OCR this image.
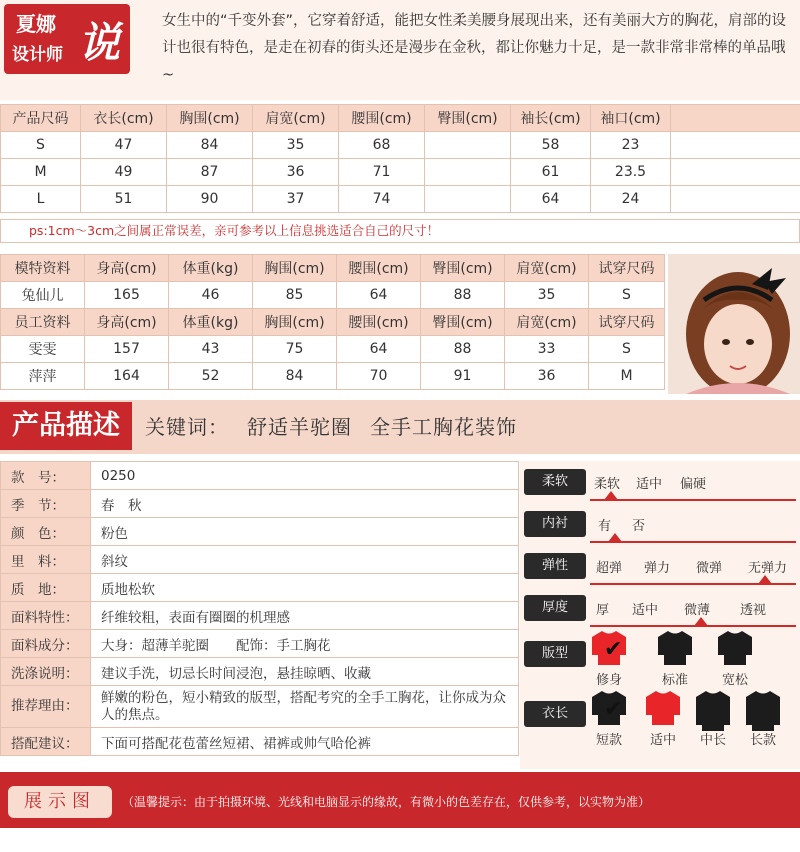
夏娜
设计师 说	女生中的“千变外套”，它穿着舒适，能把女性柔美腰身展现出来，还有美丽大方的胸花，肩部的设计也很有特色，是走在初春的街头还是漫步在金秋，都让你魅力十足，是一款非常非常棒的单品哦~
产品尺码	衣长(cm)	胸围(cm)	肩宽(cm)	腰围(cm)	臀围(cm)	袖长(cm)	袖口(cm)	
S	47	84	35	68		58	23	
M	49	87	36	71		61	23.5	
L	51	90	37	74		64	24	
ps:1cm～3cm之间属正常误差，亲可参考以上信息挑选适合自己的尺寸！
模特资料	身高(cm)	体重(kg)	胸围(cm)	腰围(cm)	臀围(cm)	肩宽(cm)	试穿尺码
兔仙儿	165	46	85	64	88	35	S
员工资料	身高(cm)	体重(kg)	胸围(cm)	腰围(cm)	臀围(cm)	肩宽(cm)	试穿尺码
雯雯	157	43	75	64	88	33	S
萍萍	164	52	84	70	91	36	M
产品描述	关键词： 舒适羊驼圈 全手工胸花装饰
款　号：	0250
季　节：	春　秋
颜　色：	粉色
里　料：	斜纹
质　地：	质地松软
面料特性：	纤维较粗，表面有圈圈的机理感
面料成分：	大身：超薄羊驼圈　　配饰：手工胸花
洗涤说明：	建议手洗，切忌长时间浸泡，悬挂晾晒、收藏
推荐理由：	鲜嫩的粉色，短小精致的版型，搭配考究的全手工胸花，让你成为众人的焦点。
搭配建议：	下面可搭配花苞蕾丝短裙、裙裤或帅气哈伦裤
柔软	柔软 适中 偏硬
内衬	有 否
弹性	超弹 弹力 微弹 无弹力
厚度	厚 适中 微薄 透视
版型
修身	标准	宽松
✔
衣长
短款	适中	中长	长款
✔
展示图	（温馨提示：由于拍摄环境、光线和电脑显示的缘故，有微小的色差存在，仅供参考，以实物为准）
